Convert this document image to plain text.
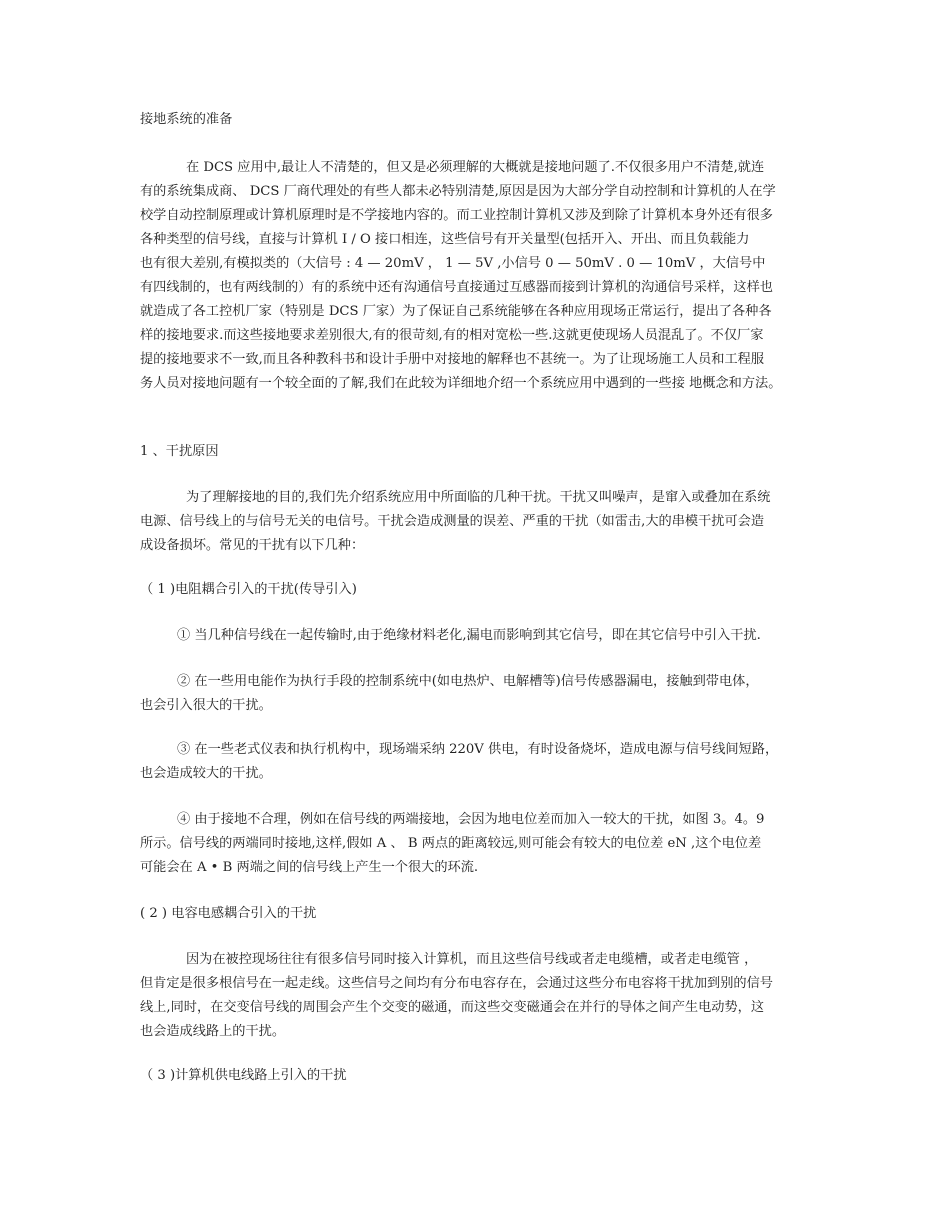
接地系统的准备
在 DCS 应用中,最让人不清楚的，但又是必须理解的大概就是接地问题了.不仅很多用户不清楚,就连
有的系统集成商、 DCS 厂商代理处的有些人都未必特别清楚,原因是因为大部分学自动控制和计算机的人在学
校学自动控制原理或计算机原理时是不学接地内容的。而工业控制计算机又涉及到除了计算机本身外还有很多
各种类型的信号线，直接与计算机 I / O 接口相连，这些信号有开关量型(包括开入、开出、而且负载能力
也有很大差别,有模拟类的（大信号 : 4 — 20mV ， 1 — 5V ,小信号 0 — 50mV . 0 — 10mV ，大信号中
有四线制的，也有两线制的）有的系统中还有沟通信号直接通过互感器而接到计算机的沟通信号采样，这样也
就造成了各工控机厂家（特别是 DCS 厂家）为了保证自己系统能够在各种应用现场正常运行，提出了各种各
样的接地要求.而这些接地要求差别很大,有的很苛刻,有的相对宽松一些.这就更使现场人员混乱了。不仅厂家
提的接地要求不一致,而且各种教科书和设计手册中对接地的解释也不甚统一。为了让现场施工人员和工程服
务人员对接地问题有一个较全面的了解,我们在此较为详细地介绍一个系统应用中遇到的一些接 地概念和方法。
1 、干扰原因
为了理解接地的目的,我们先介绍系统应用中所面临的几种干扰。干扰又叫噪声，是窜入或叠加在系统
电源、信号线上的与信号无关的电信号。干扰会造成测量的误差、严重的干扰（如雷击,大的串模干扰可会造
成设备损坏。常见的干扰有以下几种：
（ 1 )电阻耦合引入的干扰(传导引入)
① 当几种信号线在一起传输时,由于绝缘材料老化,漏电而影响到其它信号，即在其它信号中引入干扰.
② 在一些用电能作为执行手段的控制系统中(如电热炉、电解槽等)信号传感器漏电，接触到带电体，
也会引入很大的干扰。
③ 在一些老式仪表和执行机构中，现场端采纳 220V 供电，有时设备烧坏，造成电源与信号线间短路，
也会造成较大的干扰。
④ 由于接地不合理，例如在信号线的两端接地，会因为地电位差而加入一较大的干扰，如图 3。4。9
所示。信号线的两端同时接地,这样,假如 A 、 B 两点的距离较远,则可能会有较大的电位差 eN ,这个电位差
可能会在 A • B 两端之间的信号线上产生一个很大的环流.
( 2 ) 电容电感耦合引入的干扰
因为在被控现场往往有很多信号同时接入计算机，而且这些信号线或者走电缆槽，或者走电缆管 ，
但肯定是很多根信号在一起走线。这些信号之间均有分布电容存在，会通过这些分布电容将干扰加到别的信号
线上,同时，在交变信号线的周围会产生个交变的磁通，而这些交变磁通会在并行的导体之间产生电动势，这
也会造成线路上的干扰。
（ 3 )计算机供电线路上引入的干扰
